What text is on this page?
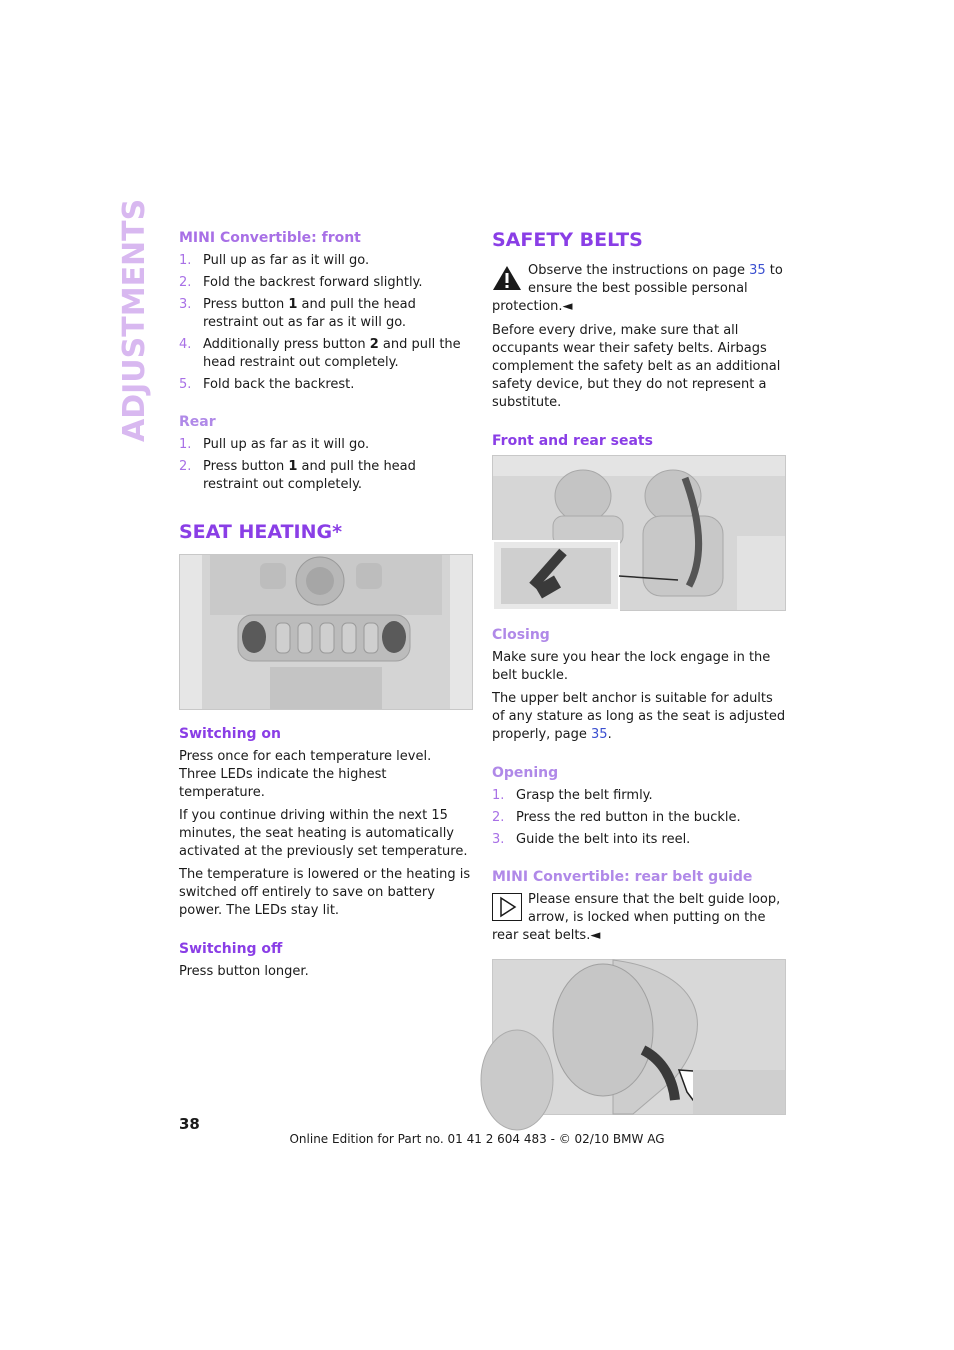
ADJUSTMENTS MINI Convertible: front
1. Pull up as far as it will go.
2. Fold the backrest forward slightly.
3. Press button 1 and pull the head restraint out as far as it will go.
4. Additionally press button 2 and pull the head restraint out completely.
5. Fold back the backrest.
Rear
1. Pull up as far as it will go.
2. Press button 1 and pull the head restraint out completely.
SEAT HEATING*
Switching on

Press once for each temperature level.
Three LEDs indicate the highest temperature.

If you continue driving within the next 15 minutes, the seat heating is automatically activated at the previously set temperature.

The temperature is lowered or the heating is switched off entirely to save on battery power. The LEDs stay lit.

Switching off

Press button longer.

SAFETY BELTS
Observe the instructions on page 35 to ensure the best possible personal protection.◄

Before every drive, make sure that all occupants wear their safety belts. Airbags complement the safety belt as an additional safety device, but they do not represent a substitute.

Front and rear seats
Closing

Make sure you hear the lock engage in the belt buckle.

The upper belt anchor is suitable for adults of any stature as long as the seat is adjusted properly, page 35.

Opening
1. Grasp the belt firmly.
2. Press the red button in the buckle.
3. Guide the belt into its reel.
MINI Convertible: rear belt guide
Please ensure that the belt guide loop, arrow, is locked when putting on the rear seat belts.◄
38
Online Edition for Part no. 01 41 2 604 483 - © 02/10 BMW AG
